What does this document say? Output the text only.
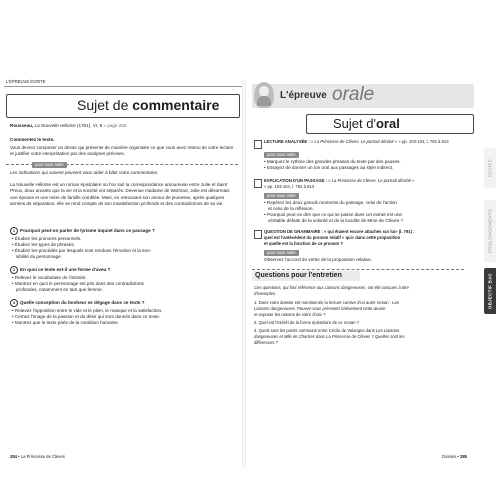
L'ÉPREUVE ÉCRITE
Sujet de commentaire
Rousseau, La Nouvelle Héloïse (1761), VI, 8 » page 250
Commentez le texte.
Vous devrez composer un devoir qui présente de manière organisée ce que vous avez retenu de votre lecture et justifier votre interprétation par des analyses précises.
pour vous aider
Les indications qui suivent peuvent vous aider à bâtir votre commentaire.
La Nouvelle Héloïse est un roman épistolaire où l'on suit la correspondance amoureuse entre Julie et Saint Preux, deux amants que la vie et la société ont séparés. Devenue madame de Wolmart, Julie est désormais une épouse et une mère de famille comblée. Mais, en retrouvant son amour de jeunesse, après quelques années de séparation, elle se rend compte de son insatisfaction profonde et des contradictions de sa vie.
1 Pourquoi peut-on parler de lyrisme inquiet dans ce passage ?
• Étudiez les pronoms personnels.
• Étudiez les types de phrases.
• Étudiez les procédés par lesquels sont rendues l'émotion et la sen-
sibilité du personnage.
2 En quoi ce texte est-il une forme d'aveu ?
• Relevez le vocabulaire de l'intimité.
• Montrez en quoi le personnage est pris dans des contradictions
profondes, notamment en tant que femme.
3 Quelle conception du bonheur se dégage dans ce texte ?
• Relevez l'opposition entre le vide et le plein, le manque et la satisfaction.
• Cernez l'image de la passion et du désir qui sont donnés dans ce texte.
• Montrez que le texte parle de la condition humaine.
284 • La Princesse de Clèves
L'épreuve orale
Sujet d'oral
LECTURE ANALYSÉE : « La Princesse de Clèves. Le portrait dérobé » » pp. 103-104, l. 782 à 813
pour vous aider
• Marquez le rythme des grandes phrases du texte par des pauses.
• Essayez de donner un ton oral aux passages au style indirect.
EXPLICATION D'UN PASSAGE : « La Princesse de Clèves. Le portrait dérobé »
» pp. 103-104, l. 782 à 813
pour vous aider
• Repérez les deux grands moments du passage, celui de l'action
et celui de la réflexion.
• Pourquoi peut-on dire que ce qui se passe dans cet extrait est une
véritable défaite de la volonté et de la lucidité de Mme de Clèves ?
QUESTION DE GRAMMAIRE : « qui étaient encore attachés sur lui» (l. 791) :
quel est l'antécédent du pronom relatif « qui» dans cette proposition
et quelle est la fonction de ce pronom ?
pour vous aider
Observez l'accord du verbe de la proposition relative.
Questions pour l'entretien
Ces questions, qui font référence aux Liaisons dangereuses, ont été conçues à titre
d'exemples.
1. Dans votre dossier est mentionnée la lecture cursive d'un autre roman : Les
Liaisons dangereuses. Pouvez-vous présenter brièvement cette œuvre
et exposer les raisons de votre choix ?
2. Quel est l'intérêt de la forme épistolaire de ce roman ?
3. Quels sont les points communs entre Cécile de Volanges dans Les Liaisons
dangereuses et Mlle de Chartres dans La Princesse de Clèves ? Quelles sont les
différences ?
FICHES
PROLONGEMENTS
OBJECTIF BAC
Dossier • 285
